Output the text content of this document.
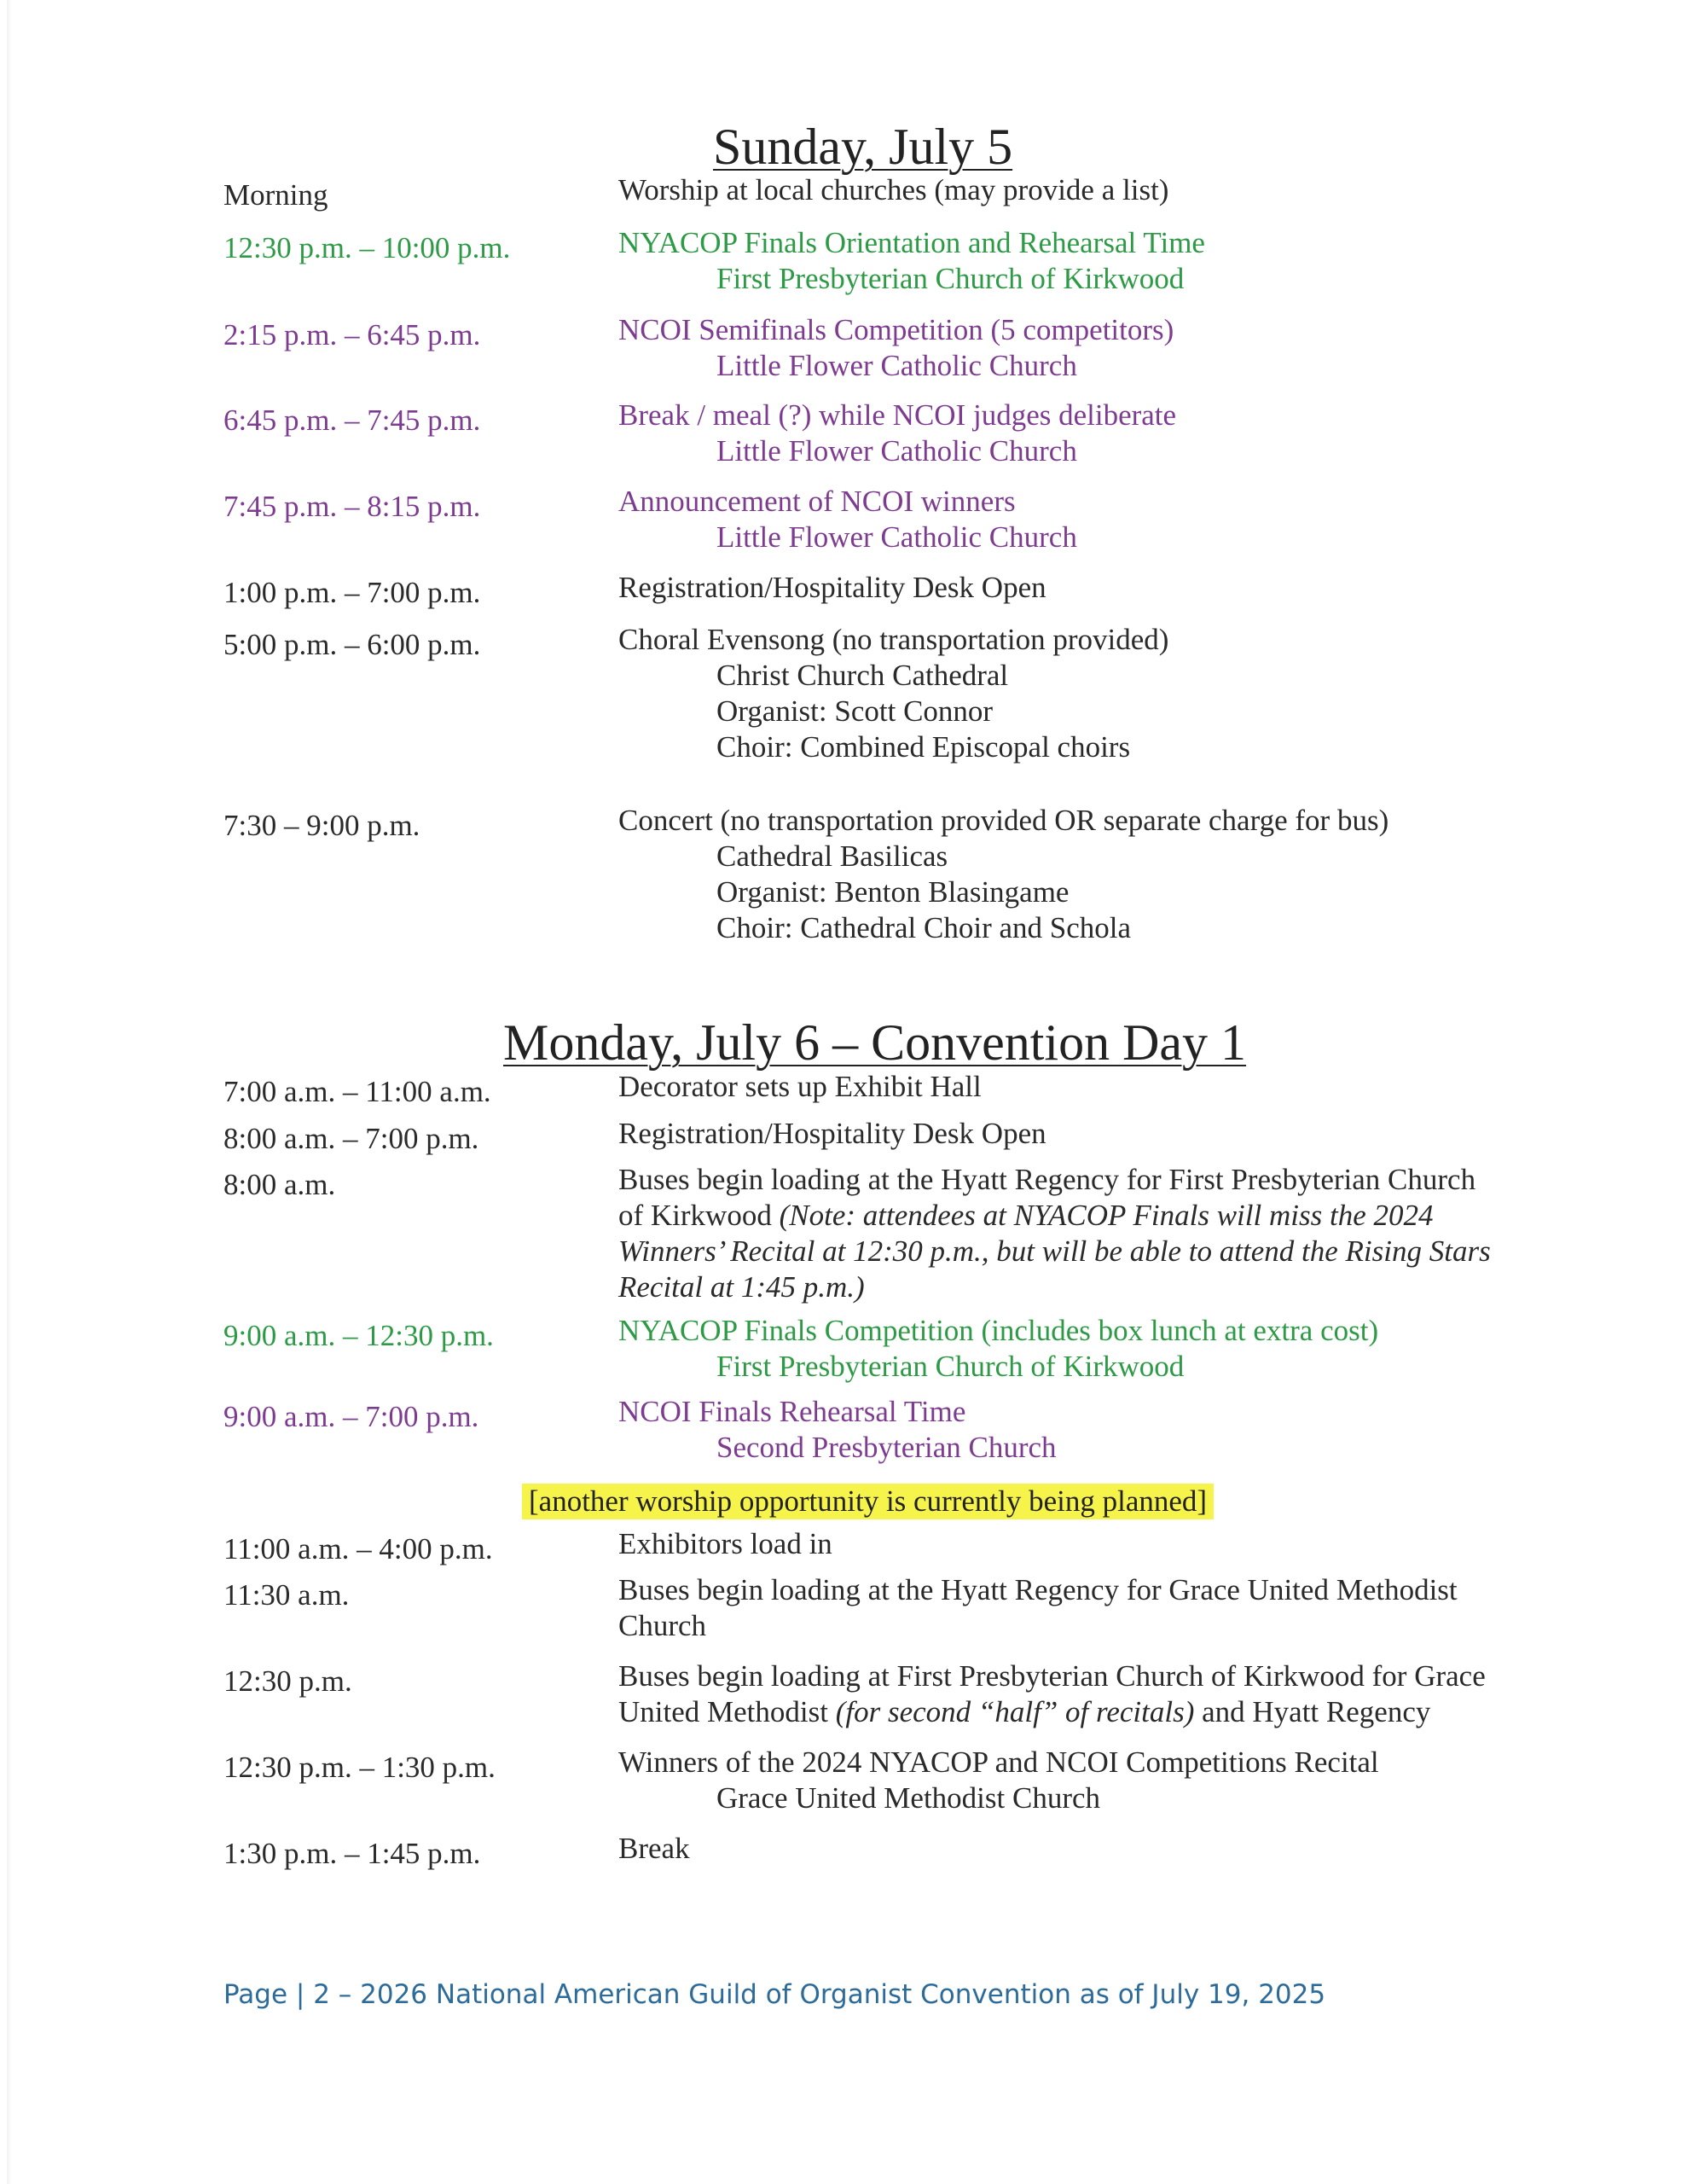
Sunday, July 5
Morning	Worship at local churches (may provide a list)
12:30 p.m. – 10:00 p.m.	NYACOP Finals Orientation and Rehearsal Time
First Presbyterian Church of Kirkwood
2:15 p.m. – 6:45 p.m.	NCOI Semifinals Competition (5 competitors)
Little Flower Catholic Church
6:45 p.m. – 7:45 p.m.	Break / meal (?) while NCOI judges deliberate
Little Flower Catholic Church
7:45 p.m. – 8:15 p.m.	Announcement of NCOI winners
Little Flower Catholic Church
1:00 p.m. – 7:00 p.m.	Registration/Hospitality Desk Open
5:00 p.m. – 6:00 p.m.	Choral Evensong (no transportation provided)
Christ Church Cathedral
Organist: Scott Connor
Choir: Combined Episcopal choirs
7:30 – 9:00 p.m.	Concert (no transportation provided OR separate charge for bus)
Cathedral Basilicas
Organist: Benton Blasingame
Choir: Cathedral Choir and Schola
Monday, July 6 – Convention Day 1
7:00 a.m. – 11:00 a.m.	Decorator sets up Exhibit Hall
8:00 a.m. – 7:00 p.m.	Registration/Hospitality Desk Open
8:00 a.m.	Buses begin loading at the Hyatt Regency for First Presbyterian Church
of Kirkwood (Note: attendees at NYACOP Finals will miss the 2024
Winners’ Recital at 12:30 p.m., but will be able to attend the Rising Stars
Recital at 1:45 p.m.)
9:00 a.m. – 12:30 p.m.	NYACOP Finals Competition (includes box lunch at extra cost)
First Presbyterian Church of Kirkwood
9:00 a.m. – 7:00 p.m.	NCOI Finals Rehearsal Time
Second Presbyterian Church
[another worship opportunity is currently being planned]
11:00 a.m. – 4:00 p.m.	Exhibitors load in
11:30 a.m.	Buses begin loading at the Hyatt Regency for Grace United Methodist
Church
12:30 p.m.	Buses begin loading at First Presbyterian Church of Kirkwood for Grace
United Methodist (for second “half” of recitals) and Hyatt Regency
12:30 p.m. – 1:30 p.m.	Winners of the 2024 NYACOP and NCOI Competitions Recital
Grace United Methodist Church
1:30 p.m. – 1:45 p.m.	Break
Page | 2 – 2026 National American Guild of Organist Convention as of July 19, 2025
